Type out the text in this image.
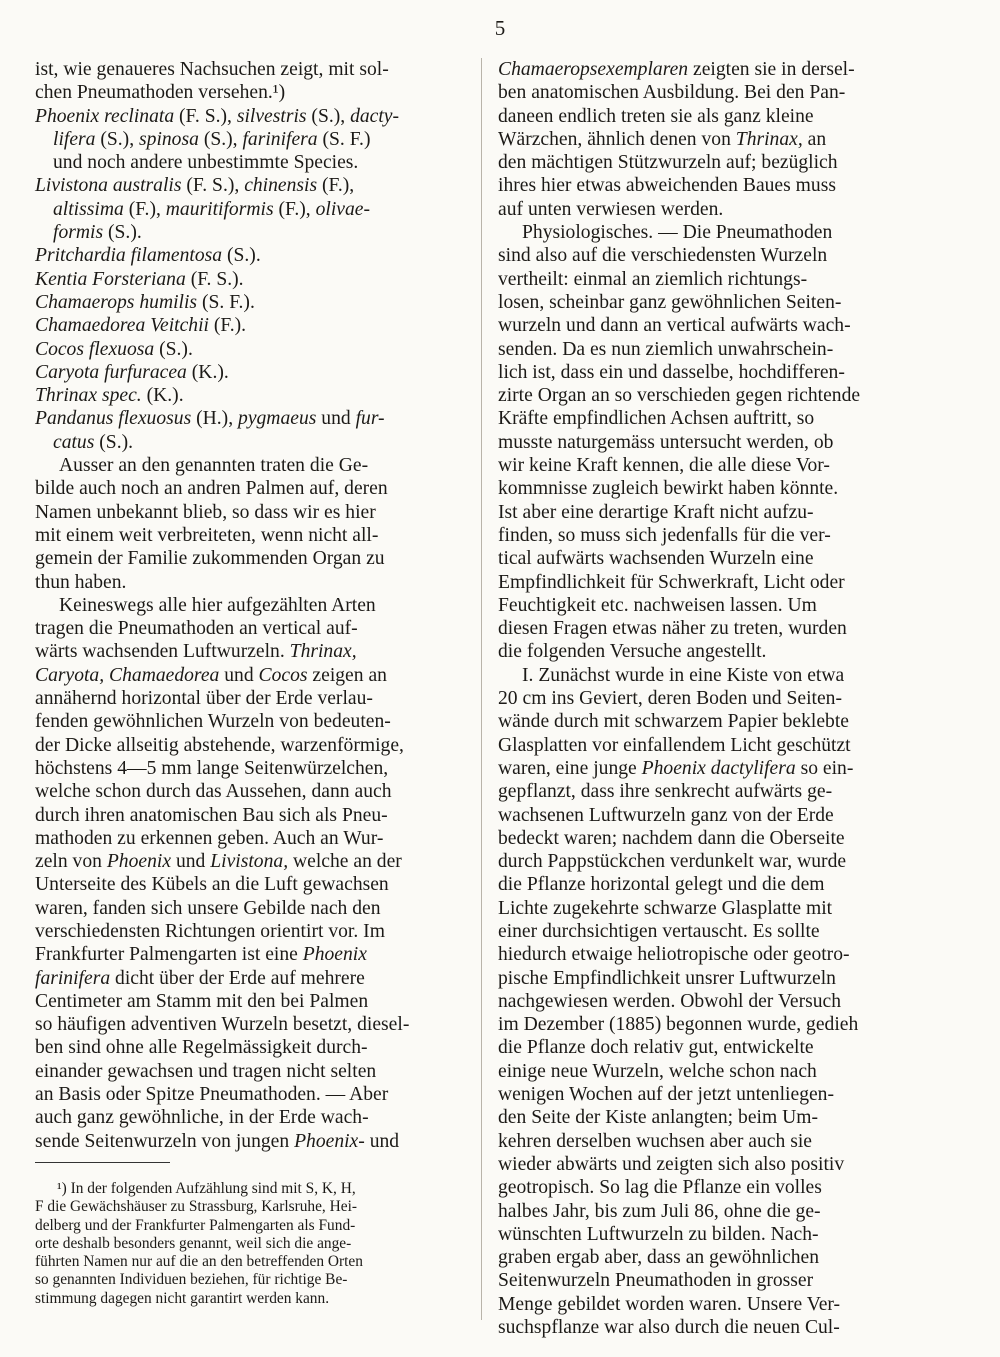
5
ist, wie genaueres Nachsuchen zeigt, mit sol-
chen Pneumathoden versehen.¹)
Phoenix reclinata (F. S.), silvestris (S.), dacty-
lifera (S.), spinosa (S.), farinifera (S. F.)
und noch andere unbestimmte Species.
Livistona australis (F. S.), chinensis (F.),
altissima (F.), mauritiformis (F.), olivae-
formis (S.).
Pritchardia filamentosa (S.).
Kentia Forsteriana (F. S.).
Chamaerops humilis (S. F.).
Chamaedorea Veitchii (F.).
Cocos flexuosa (S.).
Caryota furfuracea (K.).
Thrinax spec. (K.).
Pandanus flexuosus (H.), pygmaeus und fur-
catus (S.).
Ausser an den genannten traten die Ge-
bilde auch noch an andren Palmen auf, deren
Namen unbekannt blieb, so dass wir es hier
mit einem weit verbreiteten, wenn nicht all-
gemein der Familie zukommenden Organ zu
thun haben.
Keineswegs alle hier aufgezählten Arten
tragen die Pneumathoden an vertical auf-
wärts wachsenden Luftwurzeln. Thrinax,
Caryota, Chamaedorea und Cocos zeigen an
annähernd horizontal über der Erde verlau-
fenden gewöhnlichen Wurzeln von bedeuten-
der Dicke allseitig abstehende, warzenförmige,
höchstens 4—5 mm lange Seitenwürzelchen,
welche schon durch das Aussehen, dann auch
durch ihren anatomischen Bau sich als Pneu-
mathoden zu erkennen geben. Auch an Wur-
zeln von Phoenix und Livistona, welche an der
Unterseite des Kübels an die Luft gewachsen
waren, fanden sich unsere Gebilde nach den
verschiedensten Richtungen orientirt vor. Im
Frankfurter Palmengarten ist eine Phoenix
farinifera dicht über der Erde auf mehrere
Centimeter am Stamm mit den bei Palmen
so häufigen adventiven Wurzeln besetzt, diesel-
ben sind ohne alle Regelmässigkeit durch-
einander gewachsen und tragen nicht selten
an Basis oder Spitze Pneumathoden. — Aber
auch ganz gewöhnliche, in der Erde wach-
sende Seitenwurzeln von jungen Phoenix- und
Chamaeropsexemplaren zeigten sie in dersel-
ben anatomischen Ausbildung. Bei den Pan-
daneen endlich treten sie als ganz kleine
Wärzchen, ähnlich denen von Thrinax, an
den mächtigen Stützwurzeln auf; bezüglich
ihres hier etwas abweichenden Baues muss
auf unten verwiesen werden.
Physiologisches. — Die Pneumathoden
sind also auf die verschiedensten Wurzeln
vertheilt: einmal an ziemlich richtungs-
losen, scheinbar ganz gewöhnlichen Seiten-
wurzeln und dann an vertical aufwärts wach-
senden. Da es nun ziemlich unwahrschein-
lich ist, dass ein und dasselbe, hochdifferen-
zirte Organ an so verschieden gegen richtende
Kräfte empfindlichen Achsen auftritt, so
musste naturgemäss untersucht werden, ob
wir keine Kraft kennen, die alle diese Vor-
kommnisse zugleich bewirkt haben könnte.
Ist aber eine derartige Kraft nicht aufzu-
finden, so muss sich jedenfalls für die ver-
tical aufwärts wachsenden Wurzeln eine
Empfindlichkeit für Schwerkraft, Licht oder
Feuchtigkeit etc. nachweisen lassen. Um
diesen Fragen etwas näher zu treten, wurden
die folgenden Versuche angestellt.
I. Zunächst wurde in eine Kiste von etwa
20 cm ins Geviert, deren Boden und Seiten-
wände durch mit schwarzem Papier beklebte
Glasplatten vor einfallendem Licht geschützt
waren, eine junge Phoenix dactylifera so ein-
gepflanzt, dass ihre senkrecht aufwärts ge-
wachsenen Luftwurzeln ganz von der Erde
bedeckt waren; nachdem dann die Oberseite
durch Pappstückchen verdunkelt war, wurde
die Pflanze horizontal gelegt und die dem
Lichte zugekehrte schwarze Glasplatte mit
einer durchsichtigen vertauscht. Es sollte
hiedurch etwaige heliotropische oder geotro-
pische Empfindlichkeit unsrer Luftwurzeln
nachgewiesen werden. Obwohl der Versuch
im Dezember (1885) begonnen wurde, gedieh
die Pflanze doch relativ gut, entwickelte
einige neue Wurzeln, welche schon nach
wenigen Wochen auf der jetzt untenliegen-
den Seite der Kiste anlangten; beim Um-
kehren derselben wuchsen aber auch sie
wieder abwärts und zeigten sich also positiv
geotropisch. So lag die Pflanze ein volles
halbes Jahr, bis zum Juli 86, ohne die ge-
wünschten Luftwurzeln zu bilden. Nach-
graben ergab aber, dass an gewöhnlichen
Seitenwurzeln Pneumathoden in grosser
Menge gebildet worden waren. Unsere Ver-
suchspflanze war also durch die neuen Cul-
¹) In der folgenden Aufzählung sind mit S, K, H,
F die Gewächshäuser zu Strassburg, Karlsruhe, Hei-
delberg und der Frankfurter Palmengarten als Fund-
orte deshalb besonders genannt, weil sich die ange-
führten Namen nur auf die an den betreffenden Orten
so genannten Individuen beziehen, für richtige Be-
stimmung dagegen nicht garantirt werden kann.
